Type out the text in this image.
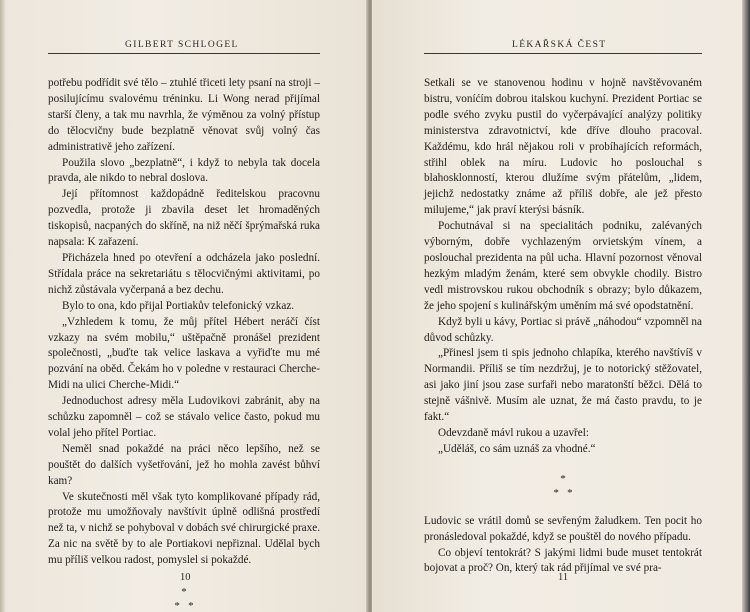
GILBERT SCHLOGEL

potřebu podřídit své tělo – ztuhlé třiceti lety psaní na stroji – posilujícímu svalovému tréninku. Li Wong nerad přijímal starší členy, a tak mu navrhla, že výměnou za volný přístup do tělocvičny bude bezplatně věnovat svůj volný čas administrativě jeho zařízení.

Použila slovo „bezplatně“, i když to nebyla tak docela pravda, ale nikdo to nebral doslova.

Její přítomnost každopádně ředitelskou pracovnu pozvedla, protože ji zbavila deset let hromaděných tiskopisů, nacpaných do skříně, na niž něčí šprýmařská ruka napsala: K zařazení.

Přicházela hned po otevření a odcházela jako poslední. Střídala práce na sekretariátu s tělocvičnými aktivitami, po nichž zůstávala vyčerpaná a bez dechu.

Bylo to ona, kdo přijal Portiakův telefonický vzkaz.

„Vzhledem k tomu, že můj přítel Hébert neráčí číst vzkazy na svém mobilu,“ uštěpačně pronášel prezident společnosti, „buďte tak velice laskava a vyřiďte mu mé pozvání na oběd. Čekám ho v poledne v restauraci Cherche-Midi na ulici Cherche-Midi.“

Jednoduchost adresy měla Ludovikovi zabránit, aby na schůzku zapomněl – což se stávalo velice často, pokud mu volal jeho přítel Portiac.

Neměl snad pokaždé na práci něco lepšího, než se pouštět do dalších vyšetřování, jež ho mohla zavést bůhví kam?

Ve skutečnosti měl však tyto komplikované případy rád, protože mu umožňovaly navštívit úplně odlišná prostředí než ta, v nichž se pohyboval v dobách své chirurgické praxe. Za nic na světě by to ale Portiakovi nepřiznal. Udělal bych mu příliš velkou radost, pomyslel si pokaždé.

*
*   *
10
LÉKAŘSKÁ ČEST

Setkali se ve stanovenou hodinu v hojně navštěvovaném bistru, voníćím dobrou italskou kuchyní. Prezident Portiac se podle svého zvyku pustil do vyčerpávající analýzy politiky ministerstva zdravotnictví, kde dříve dlouho pracoval. Každému, kdo hrál nějakou roli v probíhajících reformách, střihl oblek na míru. Ludovic ho poslouchal s blahosklonností, kterou dlužíme svým přátelům, „lidem, jejichž nedostatky známe až příliš dobře, ale jež přesto milujeme,“ jak praví kterýsi básník.

Pochutnával si na specialitách podniku, zalévaných výborným, dobře vychlazeným orvietským vínem, a poslouchal prezidenta na půl ucha. Hlavní pozornost věnoval hezkým mladým ženám, které sem obvykle chodily. Bistro vedl mistrovskou rukou obchodník s obrazy; bylo důkazem, že jeho spojení s kulinářským uměním má své opodstatnění.

Když byli u kávy, Portiac si právě „náhodou“ vzpomněl na důvod schůzky.

„Přinesl jsem ti spis jednoho chlapíka, kterého navštívíš v Normandii. Příliš se tím nezdržuj, je to notorický stěžovatel, asi jako jiní jsou zase surfaři nebo maratonští běžci. Dělá to stejně vášnivě. Musím ale uznat, že má často pravdu, to je fakt.“

Odevzdaně mávl rukou a uzavřel:

„Uděláš, co sám uznáš za vhodné.“

*
*   *

Ludovic se vrátil domů se sevřeným žaludkem. Ten pocit ho pronásledoval pokaždé, když se pouštěl do nového případu.

Co objeví tentokrát? S jakými lidmi bude muset tentokrát bojovat a proč? On, který tak rád přijímal ve své pra-

11
